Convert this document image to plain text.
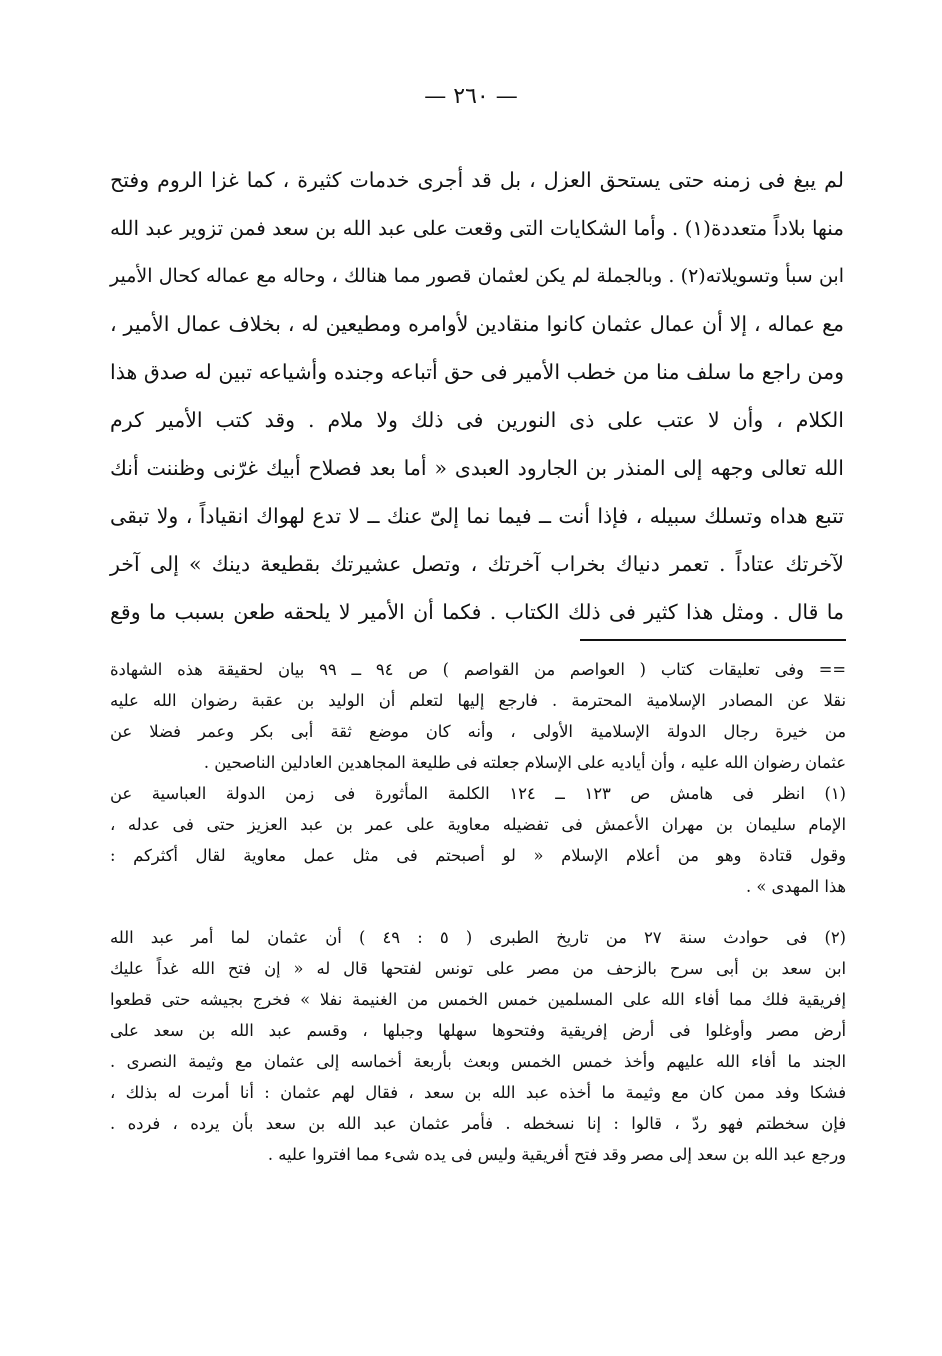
— ٢٦٠ —
لم يبغ فى زمنه حتى يستحق العزل ، بل قد أجرى خدمات كثيرة ، كما غزا الروم وفتح
منها بلاداً متعددة(١) . وأما الشكايات التى وقعت على عبد الله بن سعد فمن تزوير عبد الله
ابن سبأ وتسويلاته(٢) . وبالجملة لم يكن لعثمان قصور مما هنالك ، وحاله مع عماله كحال الأمير
مع عماله ، إلا أن عمال عثمان كانوا منقادين لأوامره ومطيعين له ، بخلاف عمال الأمير ،
ومن راجع ما سلف منا من خطب الأمير فى حق أتباعه وجنده وأشياعه تبين له صدق هذا
الكلام ، وأن لا عتب على ذى النورين فى ذلك ولا ملام . وقد كتب الأمير كرم
الله تعالى وجهه إلى المنذر بن الجارود العبدى « أما بعد فصلاح أبيك غرّنى وظننت أنك
تتبع هداه وتسلك سبيله ، فإذا أنت ــ فيما نما إلىّ عنك ــ لا تدع لهواك انقياداً ، ولا تبقى
لآخرتك عتاداً . تعمر دنياك بخراب آخرتك ، وتصل عشيرتك بقطيعة دينك » إلى آخر
ما قال . ومثل هذا كثير فى ذلك الكتاب . فكما أن الأمير لا يلحقه طعن بسبب ما وقع
== وفى تعليقات كتاب ( العواصم من القواصم ) ص ٩٤ ــ ٩٩ بيان لحقيقة هذه الشهادة
نقلا عن المصادر الإسلامية المحترمة . فارجع إليها لتعلم أن الوليد بن عقبة رضوان الله عليه
من خيرة رجال الدولة الإسلامية الأولى ، وأنه كان موضع ثقة أبى بكر وعمر فضلا عن
عثمان رضوان الله عليه ، وأن أياديه على الإسلام جعلته فى طليعة المجاهدين العادلين الناصحين .
(١) انظر فى هامش ص ١٢٣ ــ ١٢٤ الكلمة المأثورة فى زمن الدولة العباسية عن
الإمام سليمان بن مهران الأعمش فى تفضيله معاوية على عمر بن عبد العزيز حتى فى عدله ،
وقول قتادة وهو من أعلام الإسلام « لو أصبحتم فى مثل عمل معاوية لقال أكثركم :
هذا المهدى » .
(٢) فى حوادث سنة ٢٧ من تاريخ الطبرى ( ٥ : ٤٩ ) أن عثمان لما أمر عبد الله
ابن سعد بن أبى سرح بالزحف من مصر على تونس لفتحها قال له « إن فتح الله غداً عليك
إفريقية فلك مما أفاء الله على المسلمين خمس الخمس من الغنيمة نفلا » فخرج بجيشه حتى قطعوا
أرض مصر وأوغلوا فى أرض إفريقية وفتحوها سهلها وجبلها ، وقسم عبد الله بن سعد على
الجند ما أفاء الله عليهم وأخذ خمس الخمس وبعث بأربعة أخماسه إلى عثمان مع وثيمة النصرى .
فشكا وفد ممن كان مع وثيمة ما أخذه عبد الله بن سعد ، فقال لهم عثمان : أنا أمرت له بذلك ،
فإن سخطتم فهو ردّ ، قالوا : إنا نسخطه . فأمر عثمان عبد الله بن سعد بأن يرده ، فرده .
ورجع عبد الله بن سعد إلى مصر وقد فتح أفريقية وليس فى يده شىء مما افتروا عليه .
